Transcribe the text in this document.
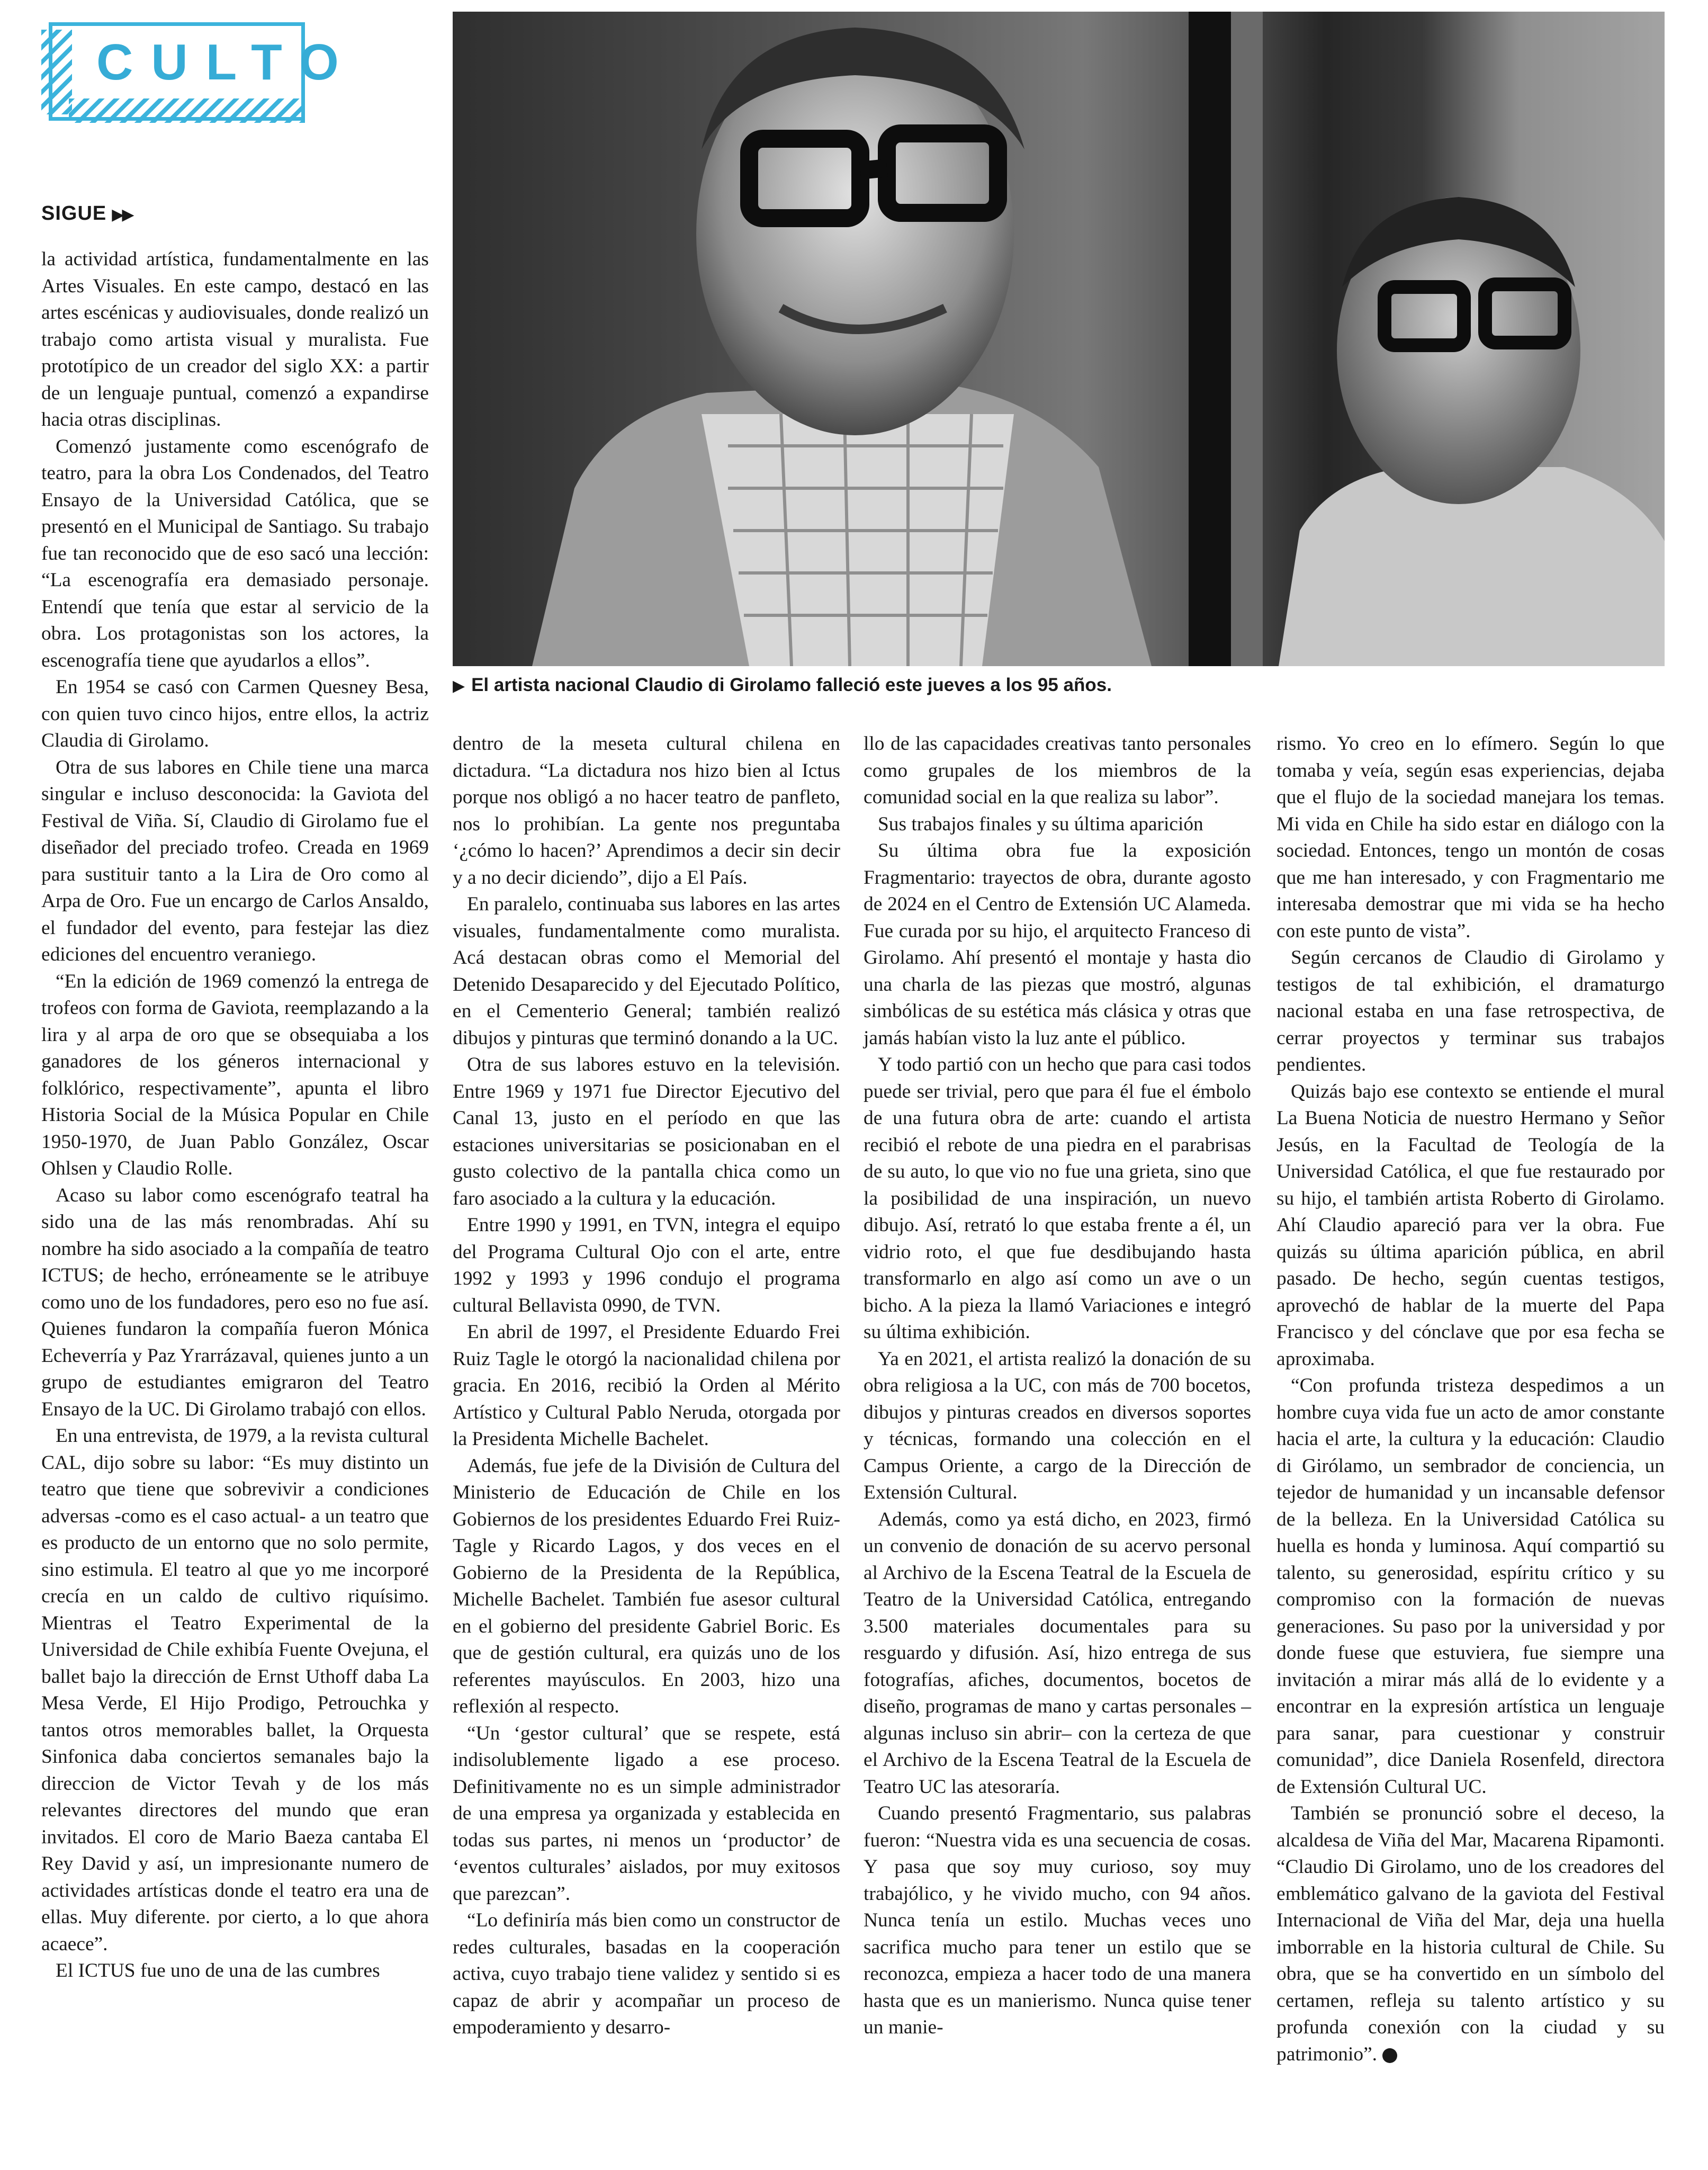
CULTO
SIGUE ▶▶
▶ El artista nacional Claudio di Girolamo falleció este jueves a los 95 años.

la actividad artística, fundamentalmente en las Artes Visuales. En este campo, destacó en las artes escénicas y audiovisuales, donde realizó un trabajo como artista visual y muralista. Fue prototípico de un creador del siglo XX: a partir de un lenguaje puntual, comenzó a expandirse hacia otras disciplinas.

Comenzó justamente como escenógrafo de teatro, para la obra Los Condenados, del Teatro Ensayo de la Universidad Católica, que se presentó en el Municipal de Santiago. Su trabajo fue tan reconocido que de eso sacó una lección: “La escenografía era demasiado personaje. Entendí que tenía que estar al servicio de la obra. Los protagonistas son los actores, la escenografía tiene que ayudarlos a ellos”.

En 1954 se casó con Carmen Quesney Besa, con quien tuvo cinco hijos, entre ellos, la actriz Claudia di Girolamo.

Otra de sus labores en Chile tiene una marca singular e incluso desconocida: la Gaviota del Festival de Viña. Sí, Claudio di Girolamo fue el diseñador del preciado trofeo. Creada en 1969 para sustituir tanto a la Lira de Oro como al Arpa de Oro. Fue un encargo de Carlos Ansaldo, el fundador del evento, para festejar las diez ediciones del encuentro veraniego.

“En la edición de 1969 comenzó la entrega de trofeos con forma de Gaviota, reemplazando a la lira y al arpa de oro que se obsequiaba a los ganadores de los géneros internacional y folklórico, respectivamente”, apunta el libro Historia Social de la Música Popular en Chile 1950-1970, de Juan Pablo González, Oscar Ohlsen y Claudio Rolle.

Acaso su labor como escenógrafo teatral ha sido una de las más renombradas. Ahí su nombre ha sido asociado a la compañía de teatro ICTUS; de hecho, erróneamente se le atribuye como uno de los fundadores, pero eso no fue así. Quienes fundaron la compañía fueron Mónica Echeverría y Paz Yrarrázaval, quienes junto a un grupo de estudiantes emigraron del Teatro Ensayo de la UC. Di Girolamo trabajó con ellos.

En una entrevista, de 1979, a la revista cultural CAL, dijo sobre su labor: “Es muy distinto un teatro que tiene que sobrevivir a condiciones adversas -como es el caso actual- a un teatro que es producto de un entorno que no solo permite, sino estimula. El teatro al que yo me incorporé crecía en un caldo de cultivo riquísimo. Mientras el Teatro Experimental de la Universidad de Chile exhibía Fuente Ovejuna, el ballet bajo la dirección de Ernst Uthoff daba La Mesa Verde, El Hijo Prodigo, Petrouchka y tantos otros memorables ballet, la Orquesta Sinfonica daba conciertos semanales bajo la direccion de Victor Tevah y de los más relevantes directores del mundo que eran invitados. El coro de Mario Baeza cantaba El Rey David y así, un impresionante numero de actividades artísticas donde el teatro era una de ellas. Muy diferente. por cierto, a lo que ahora acaece”.

El ICTUS fue uno de una de las cumbres

dentro de la meseta cultural chilena en dictadura. “La dictadura nos hizo bien al Ictus porque nos obligó a no hacer teatro de panfleto, nos lo prohibían. La gente nos preguntaba ‘¿cómo lo hacen?’ Aprendimos a decir sin decir y a no decir diciendo”, dijo a El País.

En paralelo, continuaba sus labores en las artes visuales, fundamentalmente como muralista. Acá destacan obras como el Memorial del Detenido Desaparecido y del Ejecutado Político, en el Cementerio General; también realizó dibujos y pinturas que terminó donando a la UC.

Otra de sus labores estuvo en la televisión. Entre 1969 y 1971 fue Director Ejecutivo del Canal 13, justo en el período en que las estaciones universitarias se posicionaban en el gusto colectivo de la pantalla chica como un faro asociado a la cultura y la educación.

Entre 1990 y 1991, en TVN, integra el equipo del Programa Cultural Ojo con el arte, entre 1992 y 1993 y 1996 condujo el programa cultural Bellavista 0990, de TVN.

En abril de 1997, el Presidente Eduardo Frei Ruiz Tagle le otorgó la nacionalidad chilena por gracia. En 2016, recibió la Orden al Mérito Artístico y Cultural Pablo Neruda, otorgada por la Presidenta Michelle Bachelet.

Además, fue jefe de la División de Cultura del Ministerio de Educación de Chile en los Gobiernos de los presidentes Eduardo Frei Ruiz-Tagle y Ricardo Lagos, y dos veces en el Gobierno de la Presidenta de la República, Michelle Bachelet. También fue asesor cultural en el gobierno del presidente Gabriel Boric. Es que de gestión cultural, era quizás uno de los referentes mayúsculos. En 2003, hizo una reflexión al respecto.

“Un ‘gestor cultural’ que se respete, está indisolublemente ligado a ese proceso. Definitivamente no es un simple administrador de una empresa ya organizada y establecida en todas sus partes, ni menos un ‘productor’ de ‘eventos culturales’ aislados, por muy exitosos que parezcan”.

“Lo definiría más bien como un constructor de redes culturales, basadas en la cooperación activa, cuyo trabajo tiene validez y sentido si es capaz de abrir y acompañar un proceso de empoderamiento y desarro-

llo de las capacidades creativas tanto personales como grupales de los miembros de la comunidad social en la que realiza su labor”.

Sus trabajos finales y su última aparición

Su última obra fue la exposición Fragmentario: trayectos de obra, durante agosto de 2024 en el Centro de Extensión UC Alameda. Fue curada por su hijo, el arquitecto Franceso di Girolamo. Ahí presentó el montaje y hasta dio una charla de las piezas que mostró, algunas simbólicas de su estética más clásica y otras que jamás habían visto la luz ante el público.

Y todo partió con un hecho que para casi todos puede ser trivial, pero que para él fue el émbolo de una futura obra de arte: cuando el artista recibió el rebote de una piedra en el parabrisas de su auto, lo que vio no fue una grieta, sino que la posibilidad de una inspiración, un nuevo dibujo. Así, retrató lo que estaba frente a él, un vidrio roto, el que fue desdibujando hasta transformarlo en algo así como un ave o un bicho. A la pieza la llamó Variaciones e integró su última exhibición.

Ya en 2021, el artista realizó la donación de su obra religiosa a la UC, con más de 700 bocetos, dibujos y pinturas creados en diversos soportes y técnicas, formando una colección en el Campus Oriente, a cargo de la Dirección de Extensión Cultural.

Además, como ya está dicho, en 2023, firmó un convenio de donación de su acervo personal al Archivo de la Escena Teatral de la Escuela de Teatro de la Universidad Católica, entregando 3.500 materiales documentales para su resguardo y difusión. Así, hizo entrega de sus fotografías, afiches, documentos, bocetos de diseño, programas de mano y cartas personales –algunas incluso sin abrir– con la certeza de que el Archivo de la Escena Teatral de la Escuela de Teatro UC las atesoraría.

Cuando presentó Fragmentario, sus palabras fueron: “Nuestra vida es una secuencia de cosas. Y pasa que soy muy curioso, soy muy trabajólico, y he vivido mucho, con 94 años. Nunca tenía un estilo. Muchas veces uno sacrifica mucho para tener un estilo que se reconozca, empieza a hacer todo de una manera hasta que es un manierismo. Nunca quise tener un manie-

rismo. Yo creo en lo efímero. Según lo que tomaba y veía, según esas experiencias, dejaba que el flujo de la sociedad manejara los temas. Mi vida en Chile ha sido estar en diálogo con la sociedad. Entonces, tengo un montón de cosas que me han interesado, y con Fragmentario me interesaba demostrar que mi vida se ha hecho con este punto de vista”.

Según cercanos de Claudio di Girolamo y testigos de tal exhibición, el dramaturgo nacional estaba en una fase retrospectiva, de cerrar proyectos y terminar sus trabajos pendientes.

Quizás bajo ese contexto se entiende el mural La Buena Noticia de nuestro Hermano y Señor Jesús, en la Facultad de Teología de la Universidad Católica, el que fue restaurado por su hijo, el también artista Roberto di Girolamo. Ahí Claudio apareció para ver la obra. Fue quizás su última aparición pública, en abril pasado. De hecho, según cuentas testigos, aprovechó de hablar de la muerte del Papa Francisco y del cónclave que por esa fecha se aproximaba.

“Con profunda tristeza despedimos a un hombre cuya vida fue un acto de amor constante hacia el arte, la cultura y la educación: Claudio di Girólamo, un sembrador de conciencia, un tejedor de humanidad y un incansable defensor de la belleza. En la Universidad Católica su huella es honda y luminosa. Aquí compartió su talento, su generosidad, espíritu crítico y su compromiso con la formación de nuevas generaciones. Su paso por la universidad y por donde fuese que estuviera, fue siempre una invitación a mirar más allá de lo evidente y a encontrar en la expresión artística un lenguaje para sanar, para cuestionar y construir comunidad”, dice Daniela Rosenfeld, directora de Extensión Cultural UC.

También se pronunció sobre el deceso, la alcaldesa de Viña del Mar, Macarena Ripamonti. “Claudio Di Girolamo, uno de los creadores del emblemático galvano de la gaviota del Festival Internacional de Viña del Mar, deja una huella imborrable en la historia cultural de Chile. Su obra, que se ha convertido en un símbolo del certamen, refleja su talento artístico y su profunda conexión con la ciudad y su patrimonio”.
